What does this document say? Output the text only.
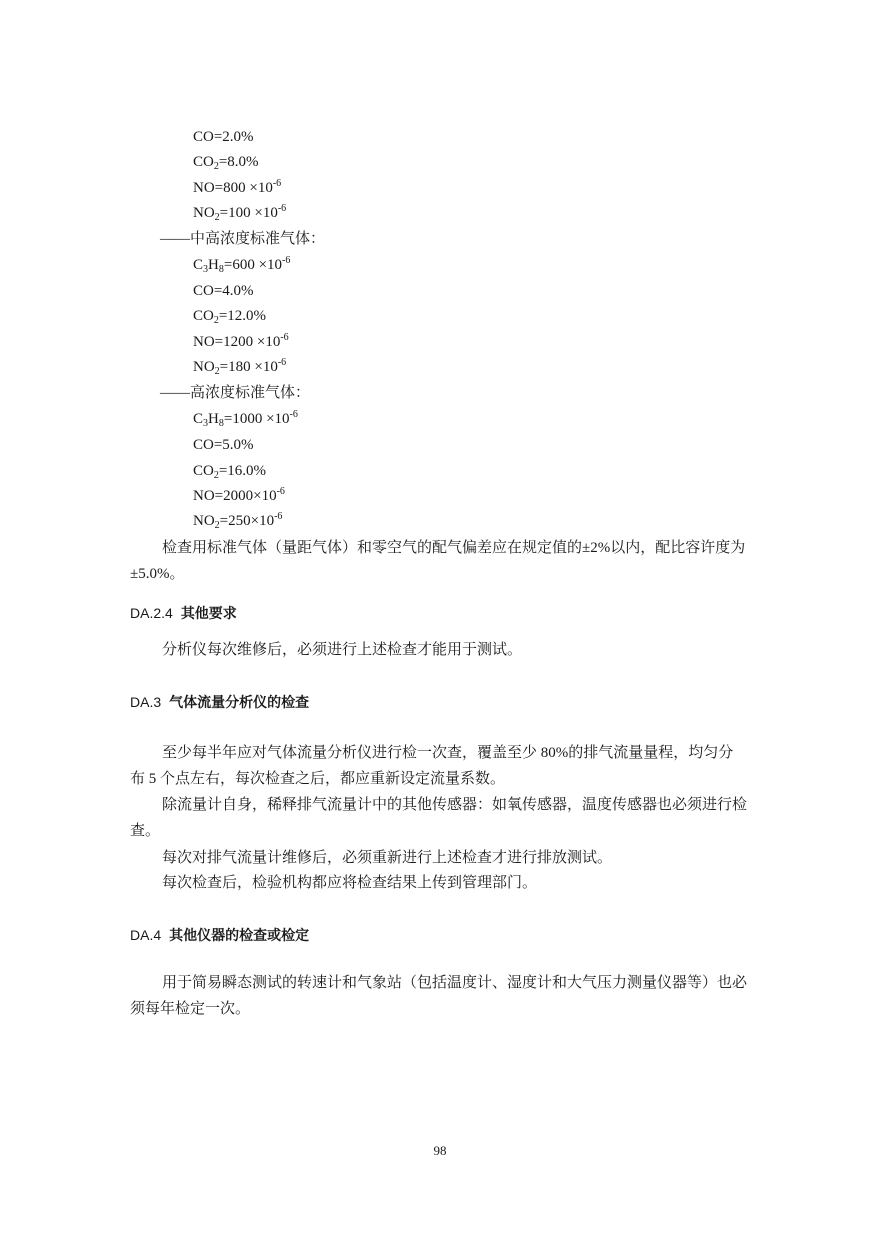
CO=2.0%
$CO_2=8.0\%$
$NO=800 \times 10^{-6}$
$NO_2=100 \times 10^{-6}$
——中高浓度标准气体：
$C_3H_8=600 \times 10^{-6}$
CO=4.0%
$CO_2=12.0\%$
$NO=1200 \times 10^{-6}$
$NO_2=180 \times 10^{-6}$
——高浓度标准气体：
$C_3H_8=1000 \times 10^{-6}$
CO=5.0%
$CO_2=16.0\%$
$NO=2000\times 10^{-6}$
$NO_2=250\times 10^{-6}$
检查用标准气体（量距气体）和零空气的配气偏差应在规定值的±2%以内，配比容许度为±5.0%。
DA.2.4 其他要求
分析仪每次维修后，必须进行上述检查才能用于测试。
DA.3 气体流量分析仪的检查
至少每半年应对气体流量分析仪进行检一次查，覆盖至少 80%的排气流量量程，均匀分布 5 个点左右，每次检查之后，都应重新设定流量系数。
除流量计自身，稀释排气流量计中的其他传感器：如氧传感器，温度传感器也必须进行检查。
每次对排气流量计维修后，必须重新进行上述检查才进行排放测试。
每次检查后，检验机构都应将检查结果上传到管理部门。
DA.4 其他仪器的检查或检定
用于简易瞬态测试的转速计和气象站（包括温度计、湿度计和大气压力测量仪器等）也必须每年检定一次。
98
